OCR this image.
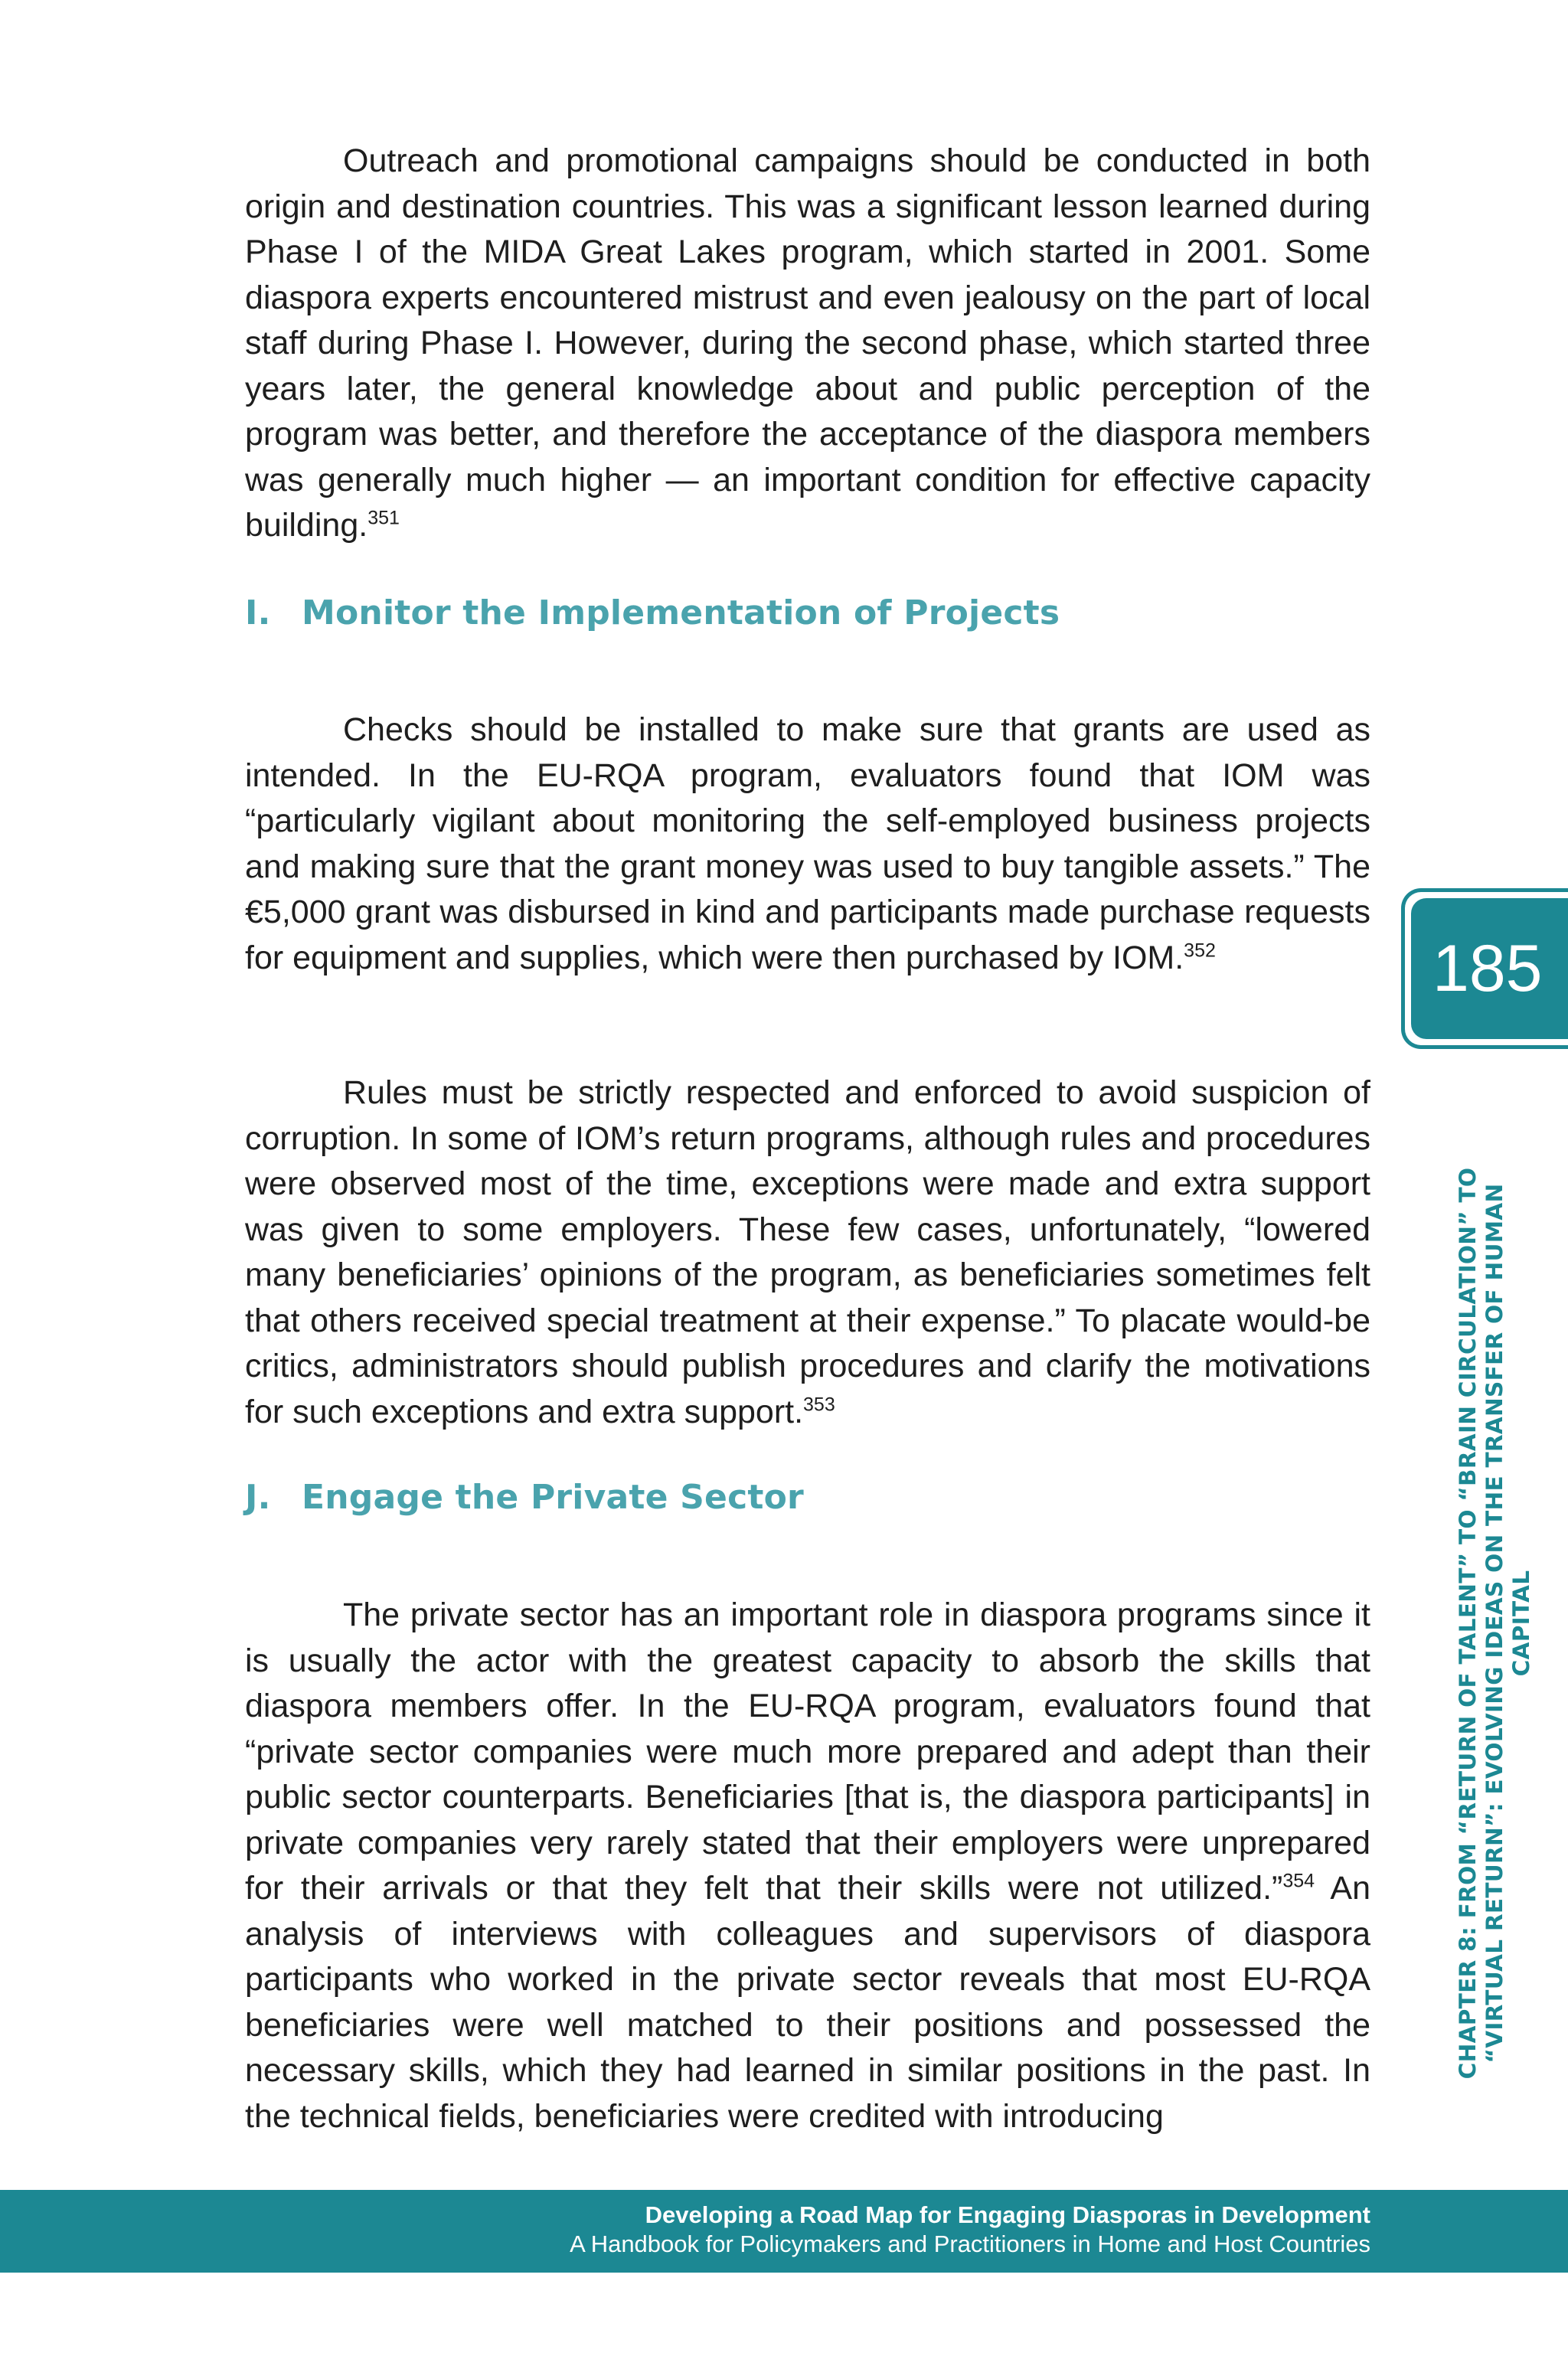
Outreach and promotional campaigns should be conducted in both origin and destination countries. This was a significant lesson learned during Phase I of the MIDA Great Lakes program, which started in 2001. Some diaspora experts encountered mistrust and even jealousy on the part of local staff during Phase I. However, during the second phase, which started three years later, the general knowledge about and public perception of the program was better, and therefore the acceptance of the diaspora members was generally much higher — an important condition for effective capacity building.$^{351}$

I. Monitor the Implementation of Projects

Checks should be installed to make sure that grants are used as intended. In the EU-RQA program, evaluators found that IOM was “particularly vigilant about monitoring the self-employed business projects and making sure that the grant money was used to buy tangible assets.” The €5,000 grant was disbursed in kind and participants made purchase requests for equipment and supplies, which were then purchased by IOM.$^{352}$

Rules must be strictly respected and enforced to avoid suspicion of corruption. In some of IOM’s return programs, although rules and procedures were observed most of the time, exceptions were made and extra support was given to some employers. These few cases, unfortunately, “lowered many beneficiaries’ opinions of the program, as beneficiaries sometimes felt that others received special treatment at their expense.” To placate would-be critics, administrators should publish procedures and clarify the motivations for such exceptions and extra support.$^{353}$

J. Engage the Private Sector

The private sector has an important role in diaspora programs since it is usually the actor with the greatest capacity to absorb the skills that diaspora members offer. In the EU-RQA program, evaluators found that “private sector companies were much more prepared and adept than their public sector counterparts. Beneficiaries [that is, the diaspora participants] in private companies very rarely stated that their employers were unprepared for their arrivals or that they felt that their skills were not utilized.”$^{354}$ An analysis of interviews with colleagues and supervisors of diaspora participants who worked in the private sector reveals that most EU-RQA beneficiaries were well matched to their positions and possessed the necessary skills, which they had learned in similar positions in the past. In the technical fields, beneficiaries were credited with introducing

185
CHAPTER 8: FROM “RETURN OF TALENT” TO “BRAIN CIRCULATION” TO “VIRTUAL RETURN”: EVOLVING IDEAS ON THE TRANSFER OF HUMAN CAPITAL
Developing a Road Map for Engaging Diasporas in Development
A Handbook for Policymakers and Practitioners in Home and Host Countries
